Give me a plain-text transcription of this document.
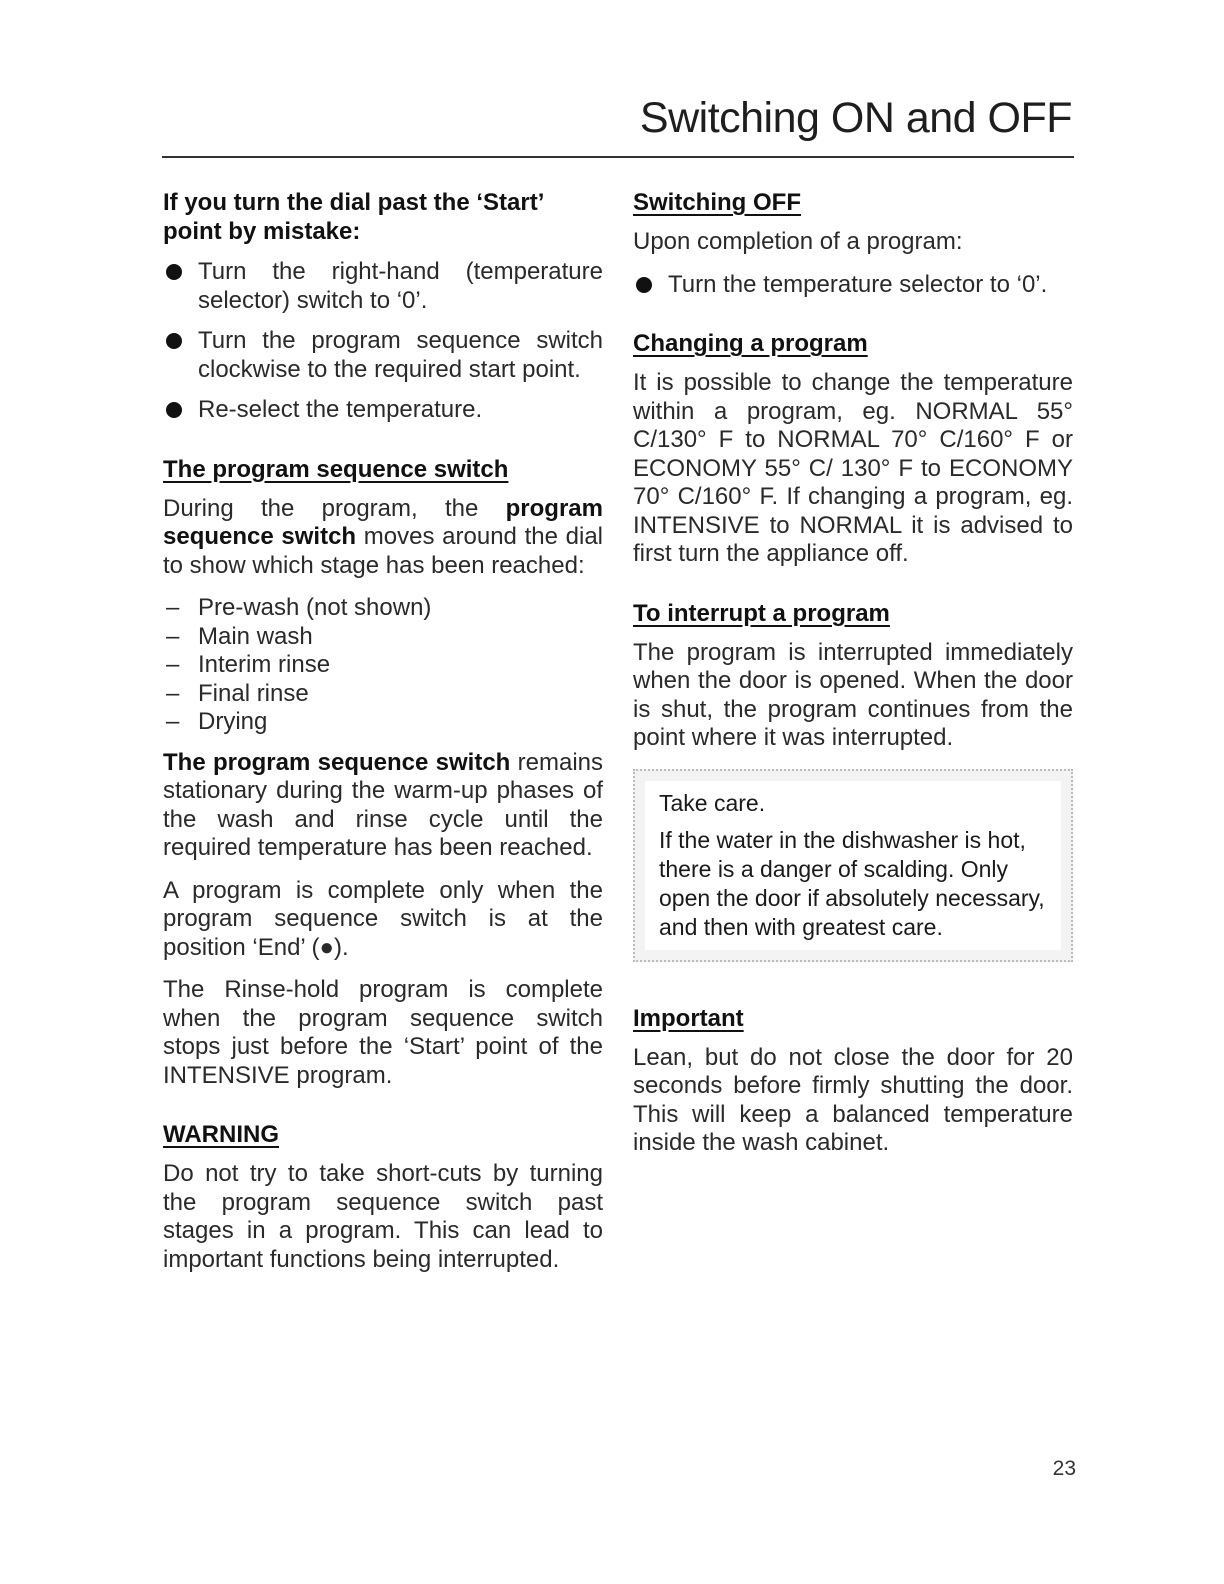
Switching ON and OFF
If you turn the dial past the ‘Start’ point by mistake:
Turn the right-hand (temperature selector) switch to ‘0’.
Turn the program sequence switch clockwise to the required start point.
Re-select the temperature.
The program sequence switch

During the program, the program sequence switch moves around the dial to show which stage has been reached:

– Pre-wash (not shown)
– Main wash
– Interim rinse
– Final rinse
– Drying

The program sequence switch remains stationary during the warm-up phases of the wash and rinse cycle until the required temperature has been reached.

A program is complete only when the program sequence switch is at the position ‘End’ (●).

The Rinse-hold program is complete when the program sequence switch stops just before the ‘Start’ point of the INTENSIVE program.

WARNING

Do not try to take short-cuts by turning the program sequence switch past stages in a program. This can lead to important functions being interrupted.

Switching OFF

Upon completion of a program:

Turn the temperature selector to ‘0’.
Changing a program

It is possible to change the temperature within a program, eg. NORMAL 55° C/130° F to NORMAL 70° C/160° F or ECONOMY 55° C/ 130° F to ECONOMY 70° C/160° F. If changing a program, eg. INTENSIVE to NORMAL it is advised to first turn the appliance off.

To interrupt a program

The program is interrupted immediately when the door is opened. When the door is shut, the program continues from the point where it was interrupted.

Take care.

If the water in the dishwasher is hot, there is a danger of scalding. Only open the door if absolutely necessary, and then with greatest care.

Important

Lean, but do not close the door for 20 seconds before firmly shutting the door. This will keep a balanced temperature inside the wash cabinet.

23
